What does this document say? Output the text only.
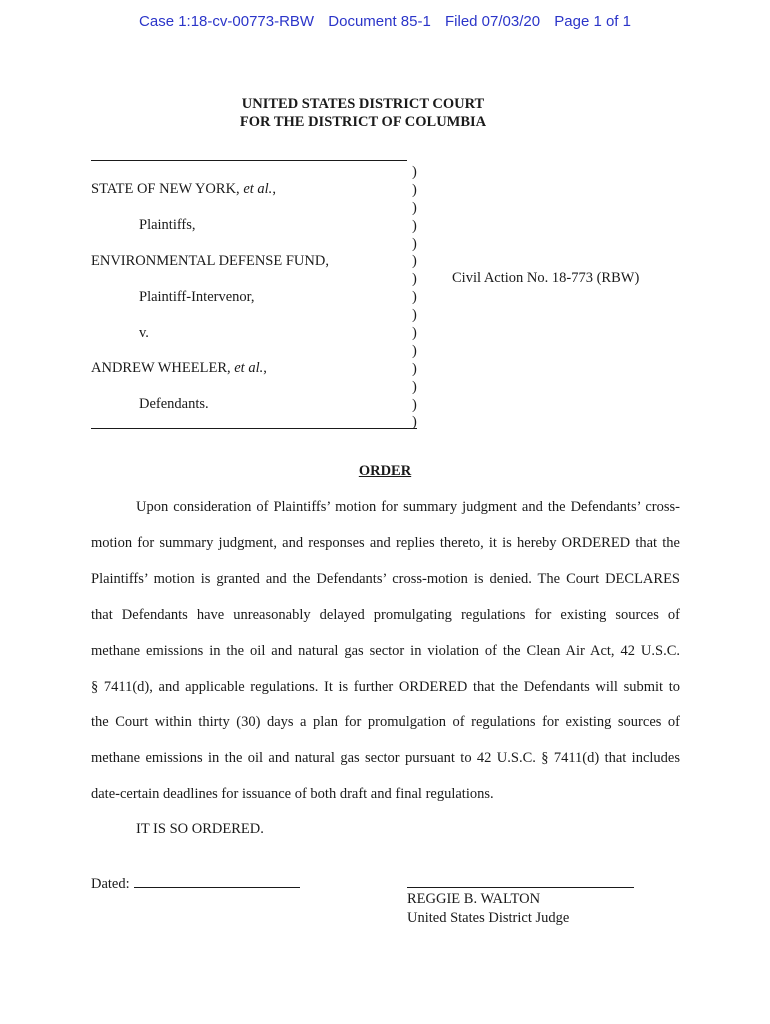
Case 1:18-cv-00773-RBW Document 85-1 Filed 07/03/20 Page 1 of 1
UNITED STATES DISTRICT COURT
FOR THE DISTRICT OF COLUMBIA
)
)
)
)
)
)
)
)
)
)
)
)
)
)
)
STATE OF NEW YORK, et al.,
Plaintiffs,
ENVIRONMENTAL DEFENSE FUND,
Plaintiff-Intervenor,
v.
ANDREW WHEELER, et al.,
Defendants.
Civil Action No. 18-773 (RBW)
ORDER
Upon consideration of Plaintiffs’ motion for summary judgment and the Defendants’ cross-
motion for summary judgment, and responses and replies thereto, it is hereby ORDERED that the
Plaintiffs’ motion is granted and the Defendants’ cross-motion is denied. The Court DECLARES
that Defendants have unreasonably delayed promulgating regulations for existing sources of
methane emissions in the oil and natural gas sector in violation of the Clean Air Act, 42 U.S.C.
§ 7411(d), and applicable regulations. It is further ORDERED that the Defendants will submit to
the Court within thirty (30) days a plan for promulgation of regulations for existing sources of
methane emissions in the oil and natural gas sector pursuant to 42 U.S.C. § 7411(d) that includes
date-certain deadlines for issuance of both draft and final regulations.
IT IS SO ORDERED.
Dated:
REGGIE B. WALTON
United States District Judge
